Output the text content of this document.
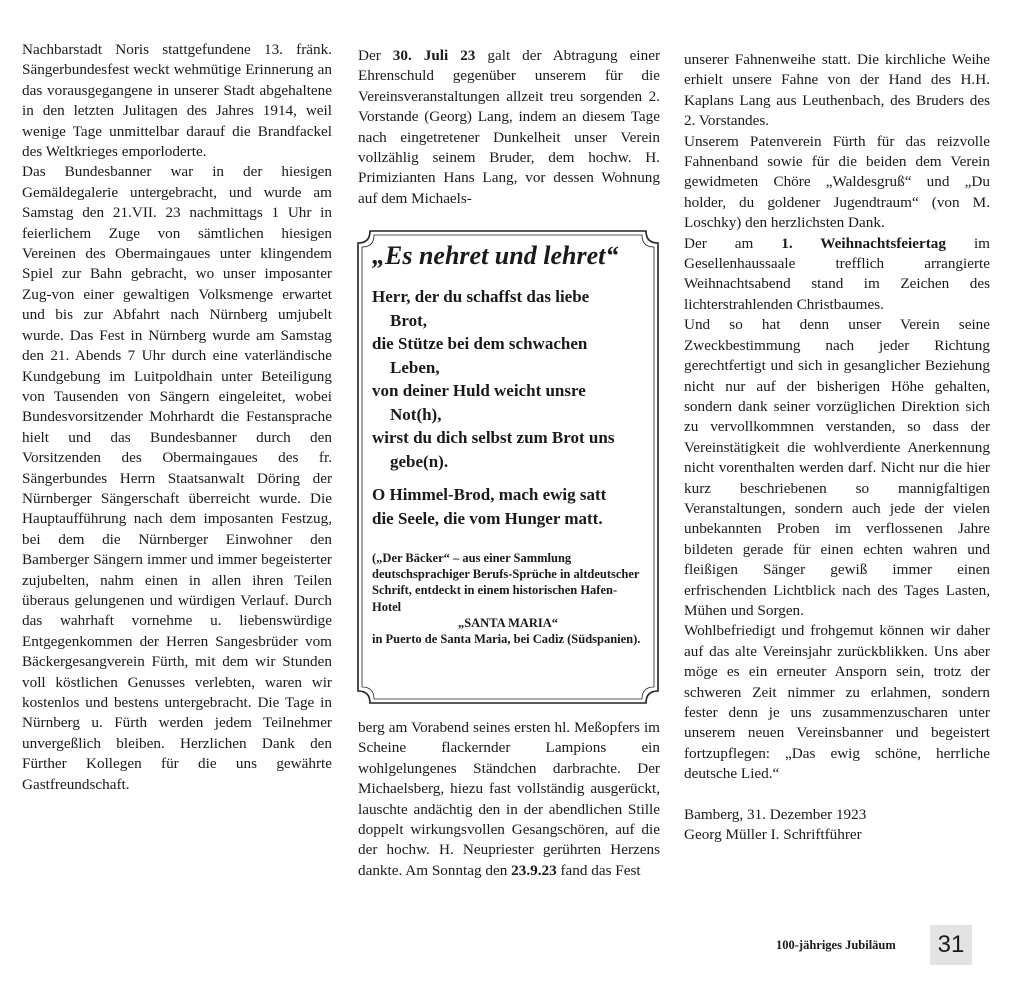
Nachbarstadt Noris stattgefundene 13. fränk. Sängerbundesfest weckt wehmütige Erinnerung an das vorausgegangene in unserer Stadt abgehaltene in den letzten Julitagen des Jahres 1914, weil wenige Tage unmittelbar darauf die Brandfackel des Weltkrieges emporloderte.

Das Bundesbanner war in der hiesigen Gemäldegalerie untergebracht, und wurde am Samstag den 21.VII. 23 nachmittags 1 Uhr in feierlichem Zuge von sämtlichen hiesigen Vereinen des Obermaingaues unter klingendem Spiel zur Bahn gebracht, wo unser imposanter Zug-von einer gewaltigen Volksmenge erwartet und bis zur Abfahrt nach Nürnberg umjubelt wurde. Das Fest in Nürnberg wurde am Samstag den 21. Abends 7 Uhr durch eine vaterländische Kundgebung im Luitpoldhain unter Beteiligung von Tausenden von Sängern eingeleitet, wobei Bundesvorsitzender Mohrhardt die Festansprache hielt und das Bundesbanner durch den Vorsitzenden des Obermaingaues des fr. Sängerbundes Herrn Staatsanwalt Döring der Nürnberger Sängerschaft überreicht wurde. Die Hauptaufführung nach dem imposanten Festzug, bei dem die Nürnberger Einwohner den Bamberger Sängern immer und immer begeisterter zujubelten, nahm einen in allen ihren Teilen überaus gelungenen und würdigen Verlauf. Durch das wahrhaft vornehme u. liebenswürdige Entgegenkommen der Herren Sangesbrüder vom Bäckergesangverein Fürth, mit dem wir Stunden voll köstlichen Genusses verlebten, waren wir kostenlos und bestens untergebracht. Die Tage in Nürnberg u. Fürth werden jedem Teilnehmer unvergeßlich bleiben. Herzlichen Dank den Fürther Kollegen für die uns gewährte Gastfreundschaft.

Der 30. Juli 23 galt der Abtragung einer Ehrenschuld gegenüber unserem für die Vereinsveranstaltungen allzeit treu sorgenden 2. Vorstande (Georg) Lang, indem an diesem Tage nach eingetretener Dunkelheit unser Verein vollzählig seinem Bruder, dem hochw. H. Primizianten Hans Lang, vor dessen Wohnung auf dem Michaels-

„Es nehret und lehret“
Herr, der du schaffst das liebe
Brot,
die Stütze bei dem schwachen
Leben,
von deiner Huld weicht unsre
Not(h),
wirst du dich selbst zum Brot uns
gebe(n).
O Himmel-Brod, mach ewig satt
die Seele, die vom Hunger matt.
(„Der Bäcker“ – aus einer Sammlung deutschsprachiger Berufs-Sprüche in altdeutscher Schrift, entdeckt in einem historischen Hafen-Hotel
„SANTA MARIA“
in Puerto de Santa Maria, bei Cadiz (Südspanien).

berg am Vorabend seines ersten hl. Meßopfers im Scheine flackernder Lampions ein wohlgelungenes Ständchen darbrachte. Der Michaelsberg, hiezu fast vollständig ausgerückt, lauschte andächtig den in der abendlichen Stille doppelt wirkungsvollen Gesangschören, auf die der hochw. H. Neupriester gerührten Herzens dankte. Am Sonntag den 23.9.23 fand das Fest

unserer Fahnenweihe statt. Die kirchliche Weihe erhielt unsere Fahne von der Hand des H.H. Kaplans Lang aus Leuthenbach, des Bruders des 2. Vorstandes.

Unserem Patenverein Fürth für das reizvolle Fahnenband sowie für die beiden dem Verein gewidmeten Chöre „Waldesgruß“ und „Du holder, du goldener Jugendtraum“ (von M. Loschky) den herzlichsten Dank.

Der am 1. Weihnachtsfeiertag im Gesellenhaussaale trefflich arrangierte Weihnachtsabend stand im Zeichen des lichterstrahlenden Christbaumes.

Und so hat denn unser Verein seine Zweckbestimmung nach jeder Richtung gerechtfertigt und sich in gesanglicher Beziehung nicht nur auf der bisherigen Höhe gehalten, sondern dank seiner vorzüglichen Direktion sich zu vervollkommnen verstanden, so dass der Vereinstätigkeit die wohlverdiente Anerkennung nicht vorenthalten werden darf. Nicht nur die hier kurz beschriebenen so mannigfaltigen Veranstaltungen, sondern auch jede der vielen unbekannten Proben im verflossenen Jahre bildeten gerade für einen echten wahren und fleißigen Sänger gewiß immer einen erfrischenden Lichtblick nach des Tages Lasten, Mühen und Sorgen.

Wohlbefriedigt und frohgemut können wir daher auf das alte Vereinsjahr zurückblikken. Uns aber möge es ein erneuter Ansporn sein, trotz der schweren Zeit nimmer zu erlahmen, sondern fester denn je uns zusammenzuscharen unter unserem neuen Vereinsbanner und begeistert fortzupflegen: „Das ewig schöne, herrliche deutsche Lied.“

Bamberg, 31. Dezember 1923
Georg Müller I. Schriftführer

100-jähriges Jubiläum 31
